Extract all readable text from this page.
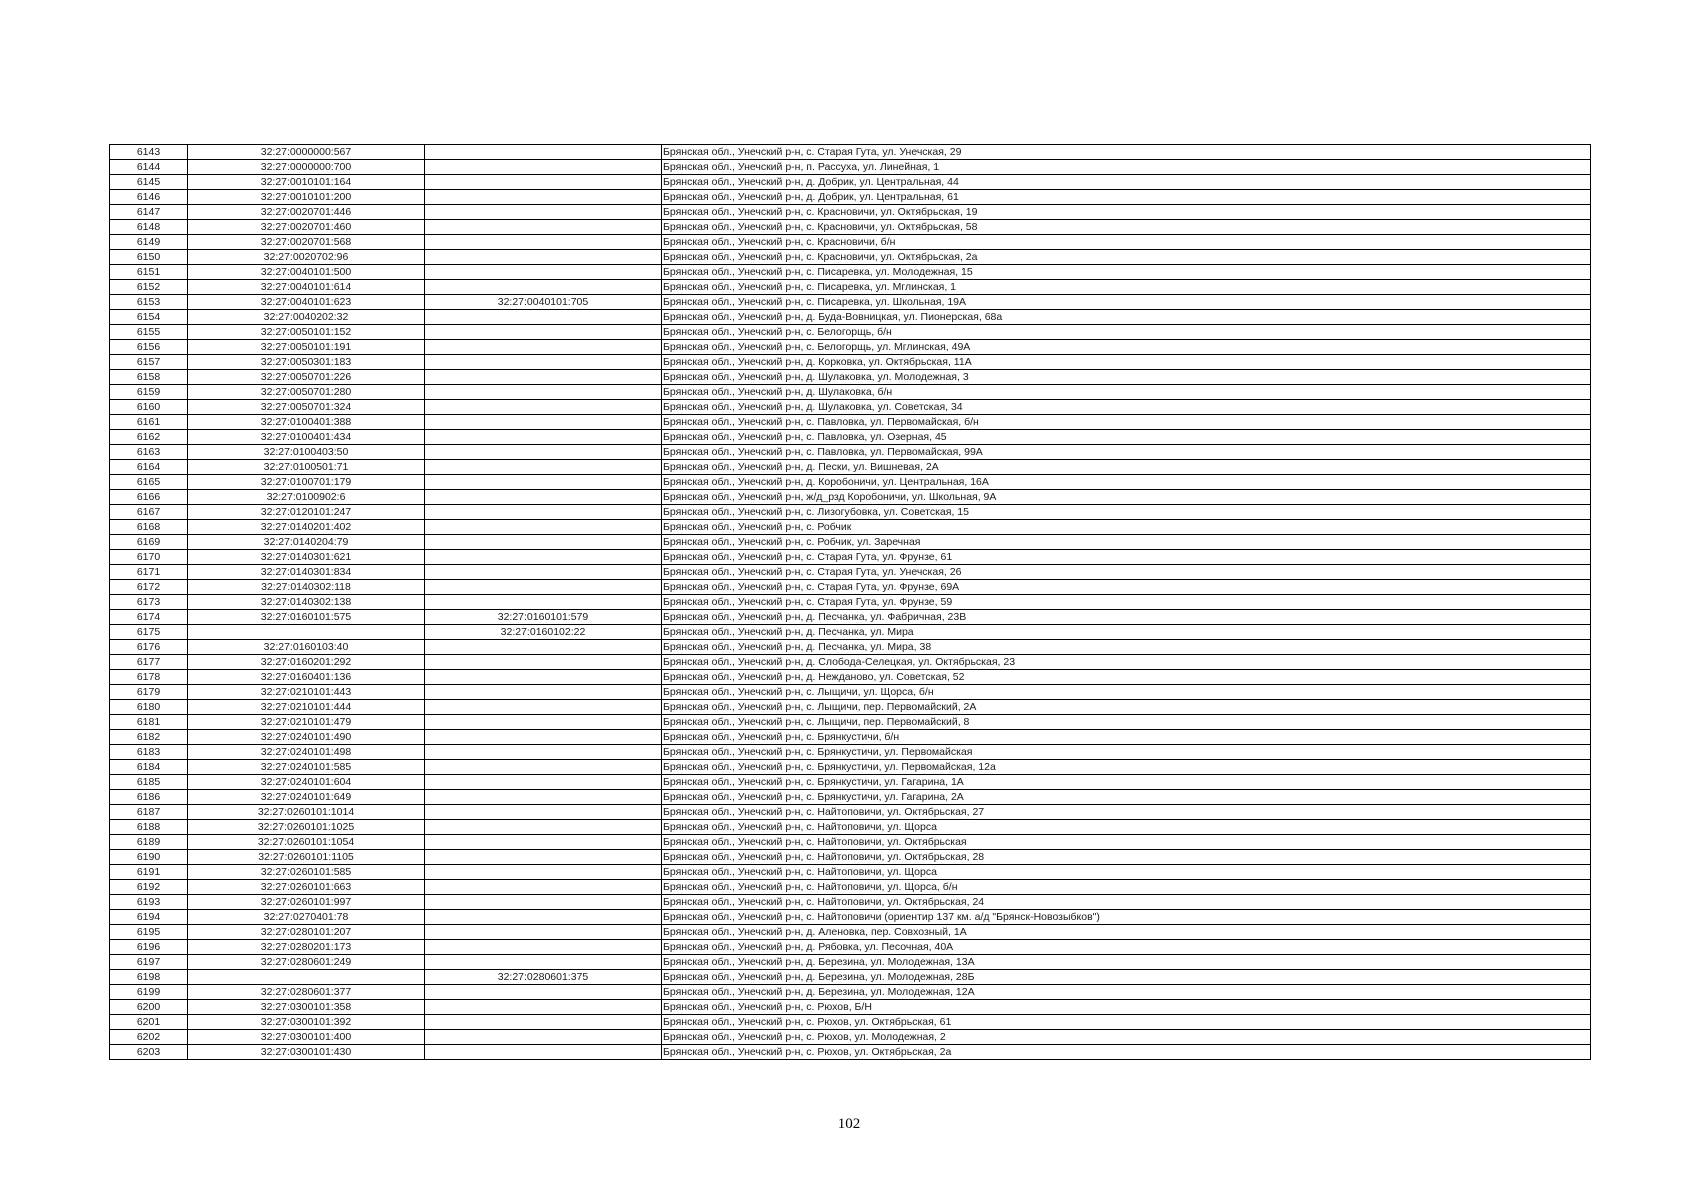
6143	32:27:0000000:567		Брянская обл., Унечский р-н, с. Старая Гута, ул. Унечская, 29
6144	32:27:0000000:700		Брянская обл., Унечский р-н, п. Рассуха, ул. Линейная, 1
6145	32:27:0010101:164		Брянская обл., Унечский р-н, д. Добрик, ул. Центральная, 44
6146	32:27:0010101:200		Брянская обл., Унечский р-н, д. Добрик, ул. Центральная, 61
6147	32:27:0020701:446		Брянская обл., Унечский р-н, с. Красновичи, ул. Октябрьская, 19
6148	32:27:0020701:460		Брянская обл., Унечский р-н, с. Красновичи, ул. Октябрьская, 58
6149	32:27:0020701:568		Брянская обл., Унечский р-н, с. Красновичи, б/н
6150	32:27:0020702:96		Брянская обл., Унечский р-н, с. Красновичи, ул. Октябрьская, 2а
6151	32:27:0040101:500		Брянская обл., Унечский р-н, с. Писаревка, ул. Молодежная, 15
6152	32:27:0040101:614		Брянская обл., Унечский р-н, с. Писаревка, ул. Мглинская, 1
6153	32:27:0040101:623	32:27:0040101:705	Брянская обл., Унечский р-н, с. Писаревка, ул. Школьная, 19А
6154	32:27:0040202:32		Брянская обл., Унечский р-н, д. Буда-Вовницкая, ул. Пионерская, 68а
6155	32:27:0050101:152		Брянская обл., Унечский р-н, с. Белогорщь, б/н
6156	32:27:0050101:191		Брянская обл., Унечский р-н, с. Белогорщь, ул. Мглинская, 49А
6157	32:27:0050301:183		Брянская обл., Унечский р-н, д. Корковка, ул. Октябрьская, 11А
6158	32:27:0050701:226		Брянская обл., Унечский р-н, д. Шулаковка, ул. Молодежная, 3
6159	32:27:0050701:280		Брянская обл., Унечский р-н, д. Шулаковка, б/н
6160	32:27:0050701:324		Брянская обл., Унечский р-н, д. Шулаковка, ул. Советская, 34
6161	32:27:0100401:388		Брянская обл., Унечский р-н, с. Павловка, ул. Первомайская, б/н
6162	32:27:0100401:434		Брянская обл., Унечский р-н, с. Павловка, ул. Озерная, 45
6163	32:27:0100403:50		Брянская обл., Унечский р-н, с. Павловка, ул. Первомайская, 99А
6164	32:27:0100501:71		Брянская обл., Унечский р-н, д. Пески, ул. Вишневая, 2А
6165	32:27:0100701:179		Брянская обл., Унечский р-н, д. Коробоничи, ул. Центральная, 16А
6166	32:27:0100902:6		Брянская обл., Унечский р-н, ж/д_рзд Коробоничи, ул. Школьная, 9А
6167	32:27:0120101:247		Брянская обл., Унечский р-н, с. Лизогубовка, ул. Советская, 15
6168	32:27:0140201:402		Брянская обл., Унечский р-н, с. Робчик
6169	32:27:0140204:79		Брянская обл., Унечский р-н, с. Робчик, ул. Заречная
6170	32:27:0140301:621		Брянская обл., Унечский р-н, с. Старая Гута, ул. Фрунзе, 61
6171	32:27:0140301:834		Брянская обл., Унечский р-н, с. Старая Гута, ул. Унечская, 26
6172	32:27:0140302:118		Брянская обл., Унечский р-н, с. Старая Гута, ул. Фрунзе, 69А
6173	32:27:0140302:138		Брянская обл., Унечский р-н, с. Старая Гута, ул. Фрунзе, 59
6174	32:27:0160101:575	32:27:0160101:579	Брянская обл., Унечский р-н, д. Песчанка, ул. Фабричная, 23В
6175		32:27:0160102:22	Брянская обл., Унечский р-н, д. Песчанка, ул. Мира
6176	32:27:0160103:40		Брянская обл., Унечский р-н, д. Песчанка, ул. Мира, 38
6177	32:27:0160201:292		Брянская обл., Унечский р-н, д. Слобода-Селецкая, ул. Октябрьская, 23
6178	32:27:0160401:136		Брянская обл., Унечский р-н, д. Нежданово, ул. Советская, 52
6179	32:27:0210101:443		Брянская обл., Унечский р-н, с. Лыщичи, ул. Щорса, б/н
6180	32:27:0210101:444		Брянская обл., Унечский р-н, с. Лыщичи, пер. Первомайский, 2А
6181	32:27:0210101:479		Брянская обл., Унечский р-н, с. Лыщичи, пер. Первомайский, 8
6182	32:27:0240101:490		Брянская обл., Унечский р-н, с. Брянкустичи, б/н
6183	32:27:0240101:498		Брянская обл., Унечский р-н, с. Брянкустичи, ул. Первомайская
6184	32:27:0240101:585		Брянская обл., Унечский р-н, с. Брянкустичи, ул. Первомайская, 12а
6185	32:27:0240101:604		Брянская обл., Унечский р-н, с. Брянкустичи, ул. Гагарина, 1А
6186	32:27:0240101:649		Брянская обл., Унечский р-н, с. Брянкустичи, ул. Гагарина, 2А
6187	32:27:0260101:1014		Брянская обл., Унечский р-н, с. Найтоповичи, ул. Октябрьская, 27
6188	32:27:0260101:1025		Брянская обл., Унечский р-н, с. Найтоповичи, ул. Щорса
6189	32:27:0260101:1054		Брянская обл., Унечский р-н, с. Найтоповичи, ул. Октябрьская
6190	32:27:0260101:1105		Брянская обл., Унечский р-н, с. Найтоповичи, ул. Октябрьская, 28
6191	32:27:0260101:585		Брянская обл., Унечский р-н, с. Найтоповичи, ул. Щорса
6192	32:27:0260101:663		Брянская обл., Унечский р-н, с. Найтоповичи, ул. Щорса, б/н
6193	32:27:0260101:997		Брянская обл., Унечский р-н, с. Найтоповичи, ул. Октябрьская, 24
6194	32:27:0270401:78		Брянская обл., Унечский р-н, с. Найтоповичи (ориентир 137 км. а/д "Брянск-Новозыбков")
6195	32:27:0280101:207		Брянская обл., Унечский р-н, д. Аленовка, пер. Совхозный, 1А
6196	32:27:0280201:173		Брянская обл., Унечский р-н, д. Рябовка, ул. Песочная, 40А
6197	32:27:0280601:249		Брянская обл., Унечский р-н, д. Березина, ул. Молодежная, 13А
6198		32:27:0280601:375	Брянская обл., Унечский р-н, д. Березина, ул. Молодежная, 28Б
6199	32:27:0280601:377		Брянская обл., Унечский р-н, д. Березина, ул. Молодежная, 12А
6200	32:27:0300101:358		Брянская обл., Унечский р-н, с. Рюхов, Б/Н
6201	32:27:0300101:392		Брянская обл., Унечский р-н, с. Рюхов, ул. Октябрьская, 61
6202	32:27:0300101:400		Брянская обл., Унечский р-н, с. Рюхов, ул. Молодежная, 2
6203	32:27:0300101:430		Брянская обл., Унечский р-н, с. Рюхов, ул. Октябрьская, 2а
102
